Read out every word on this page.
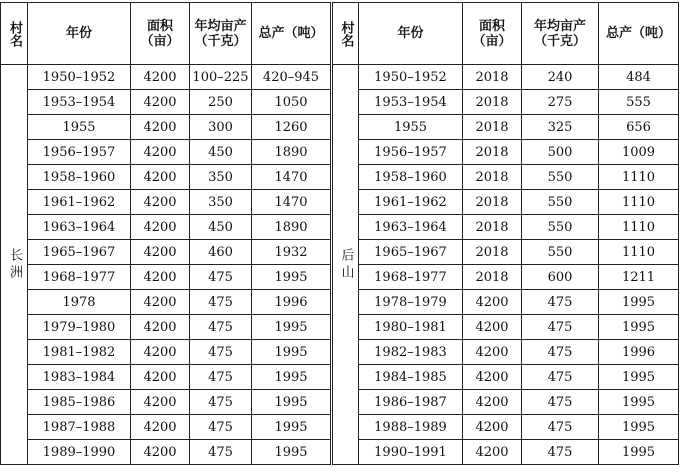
村名	年份	面积（亩）	年均亩产（千克）	总产（吨）	村名	年份	面积（亩）	年均亩产（千克）	总产（吨）

长洲	1950–1952	4200	100–225	420–945	后山	1950–1952	2018	240	484
	1953–1954	4200	250	1050		1953–1954	2018	275	555
	1955	4200	300	1260		1955	2018	325	656
	1956–1957	4200	450	1890		1956–1957	2018	500	1009
	1958–1960	4200	350	1470		1958–1960	2018	550	1110
	1961–1962	4200	350	1470		1961–1962	2018	550	1110
	1963–1964	4200	450	1890		1963–1964	2018	550	1110
	1965–1967	4200	460	1932		1965–1967	2018	550	1110
	1968–1977	4200	475	1995		1968–1977	2018	600	1211
	1978	4200	475	1996		1978–1979	4200	475	1995
	1979–1980	4200	475	1995		1980–1981	4200	475	1995
	1981–1982	4200	475	1995		1982–1983	4200	475	1996
	1983–1984	4200	475	1995		1984–1985	4200	475	1995
	1985–1986	4200	475	1995		1986–1987	4200	475	1995
	1987–1988	4200	475	1995		1988–1989	4200	475	1995
	1989–1990	4200	475	1995		1990–1991	4200	475	1995
